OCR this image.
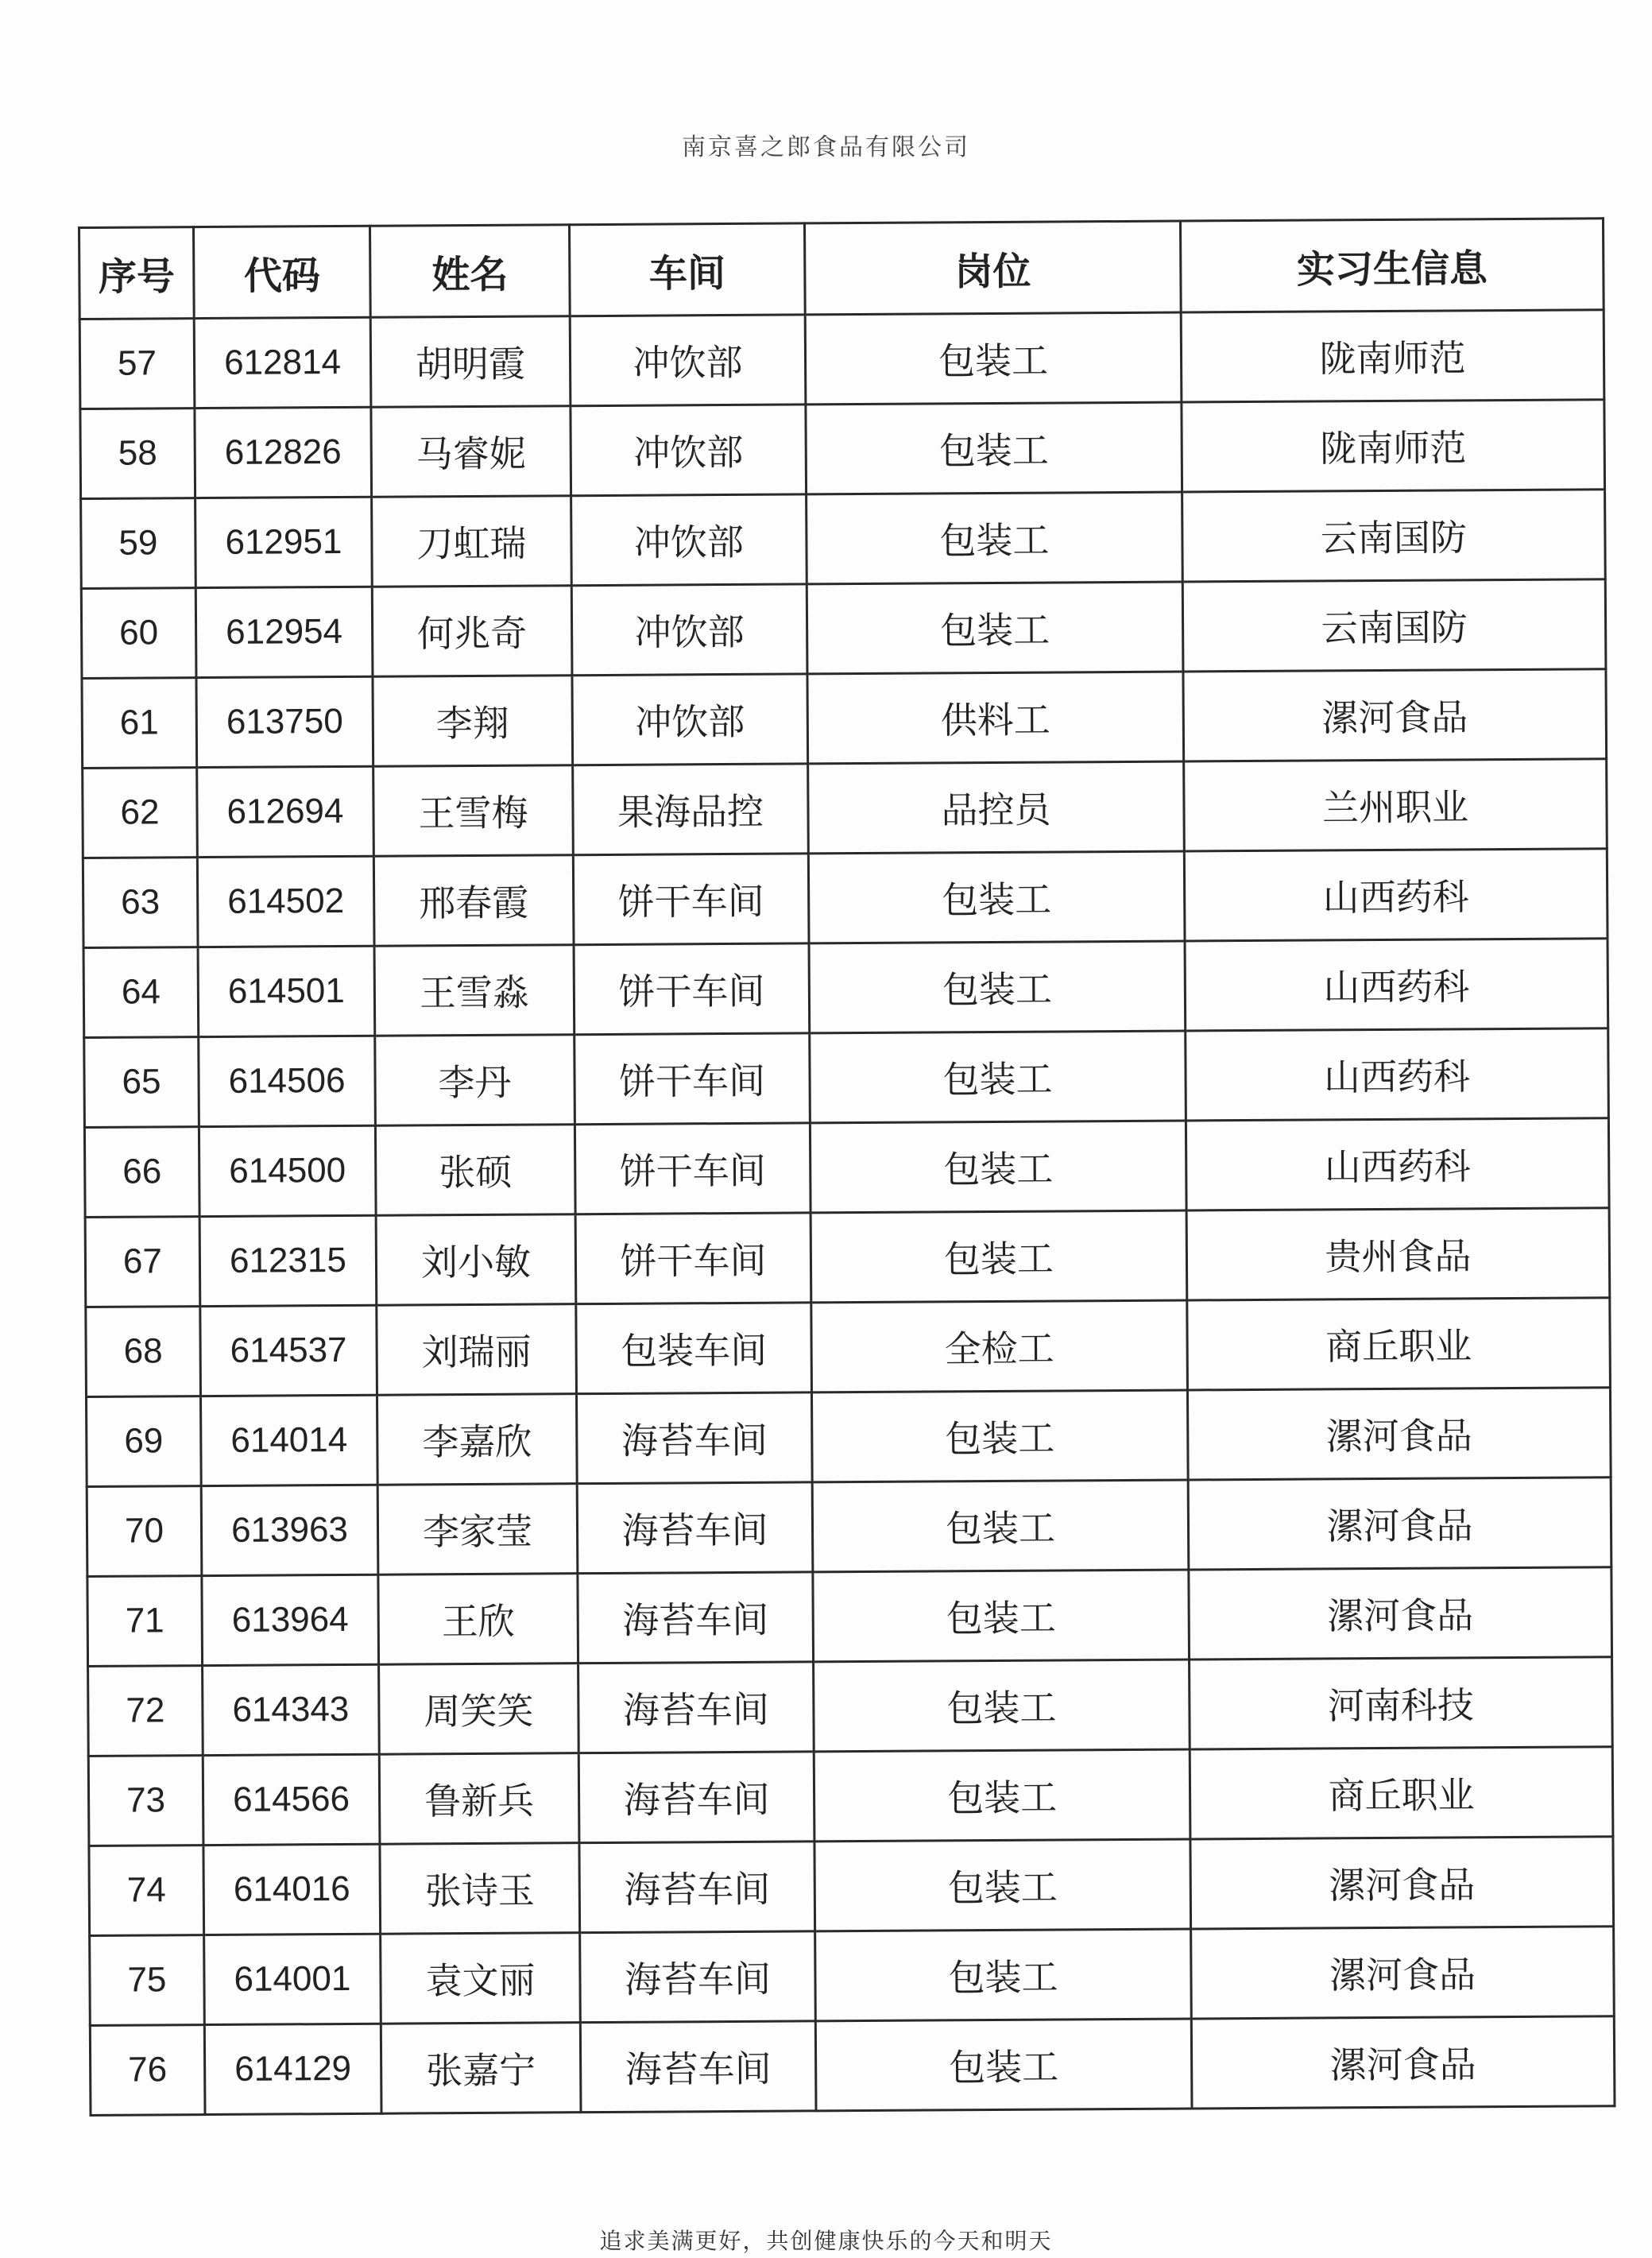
南京喜之郎食品有限公司
序号	代码	姓名	车间	岗位	实习生信息
57	612814	胡明霞	冲饮部	包装工	陇南师范
58	612826	马睿妮	冲饮部	包装工	陇南师范
59	612951	刀虹瑞	冲饮部	包装工	云南国防
60	612954	何兆奇	冲饮部	包装工	云南国防
61	613750	李翔	冲饮部	供料工	漯河食品
62	612694	王雪梅	果海品控	品控员	兰州职业
63	614502	邢春霞	饼干车间	包装工	山西药科
64	614501	王雪淼	饼干车间	包装工	山西药科
65	614506	李丹	饼干车间	包装工	山西药科
66	614500	张硕	饼干车间	包装工	山西药科
67	612315	刘小敏	饼干车间	包装工	贵州食品
68	614537	刘瑞丽	包装车间	全检工	商丘职业
69	614014	李嘉欣	海苔车间	包装工	漯河食品
70	613963	李家莹	海苔车间	包装工	漯河食品
71	613964	王欣	海苔车间	包装工	漯河食品
72	614343	周笑笑	海苔车间	包装工	河南科技
73	614566	鲁新兵	海苔车间	包装工	商丘职业
74	614016	张诗玉	海苔车间	包装工	漯河食品
75	614001	袁文丽	海苔车间	包装工	漯河食品
76	614129	张嘉宁	海苔车间	包装工	漯河食品
追求美满更好，共创健康快乐的今天和明天
